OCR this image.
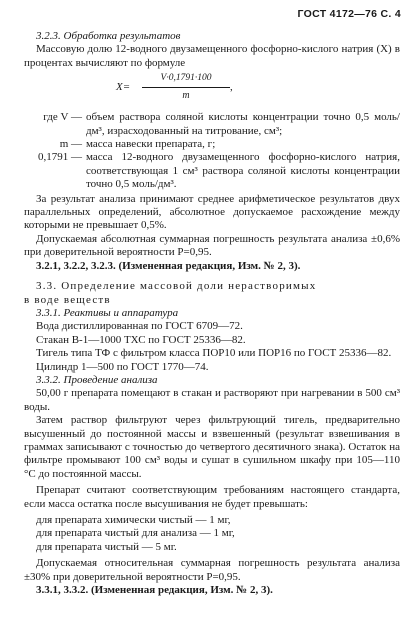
ГОСТ 4172—76 С. 4

3.2.3. Обработка результатов

Массовую долю 12-водного двузамещенного фосфорно-кислого натрия (X) в процентах вычисляют по формуле

$X= \frac{V\cdot 0,1791\cdot 100}{m}$ ,
где V — объем раствора соляной кислоты концентрации точно 0,5 моль/дм³, израсходованный на титрование, см³;
m — масса навески препарата, г;
0,1791 — масса 12-водного двузамещенного фосфорно-кислого натрия, соответствующая 1 см³ раствора соляной кислоты концентрации точно 0,5 моль/дм³.

За результат анализа принимают среднее арифметическое результатов двух параллельных определений, абсолютное допускаемое расхождение между которыми не превышает 0,5%.

Допускаемая абсолютная суммарная погрешность результата анализа ±0,6% при доверительной вероятности P=0,95.

3.2.1, 3.2.2, 3.2.3. (Измененная редакция, Изм. № 2, 3).

3.3. Определение массовой доли нерастворимых

в воде веществ

3.3.1. Реактивы и аппаратура

Вода дистиллированная по ГОСТ 6709—72.

Стакан В-1—1000 ТХС по ГОСТ 25336—82.

Тигель типа ТФ с фильтром класса ПОР10 или ПОР16 по ГОСТ 25336—82.

Цилиндр 1—500 по ГОСТ 1770—74.

3.3.2. Проведение анализа

50,00 г препарата помещают в стакан и растворяют при нагревании в 500 см³ воды.

Затем раствор фильтруют через фильтрующий тигель, предварительно высушенный до постоянной массы и взвешенный (результат взвешивания в граммах записывают с точностью до четвертого десятичного знака). Остаток на фильтре промывают 100 см³ воды и сушат в сушильном шкафу при 105—110 °С до постоянной массы.

Препарат считают соответствующим требованиям настоящего стандарта, если масса остатка после высушивания не будет превышать:

для препарата химически чистый — 1 мг,

для препарата чистый для анализа — 1 мг,

для препарата чистый — 5 мг.

Допускаемая относительная суммарная погрешность результата анализа ±30% при доверительной вероятности P=0,95.

3.3.1, 3.3.2. (Измененная редакция, Изм. № 2, 3).
